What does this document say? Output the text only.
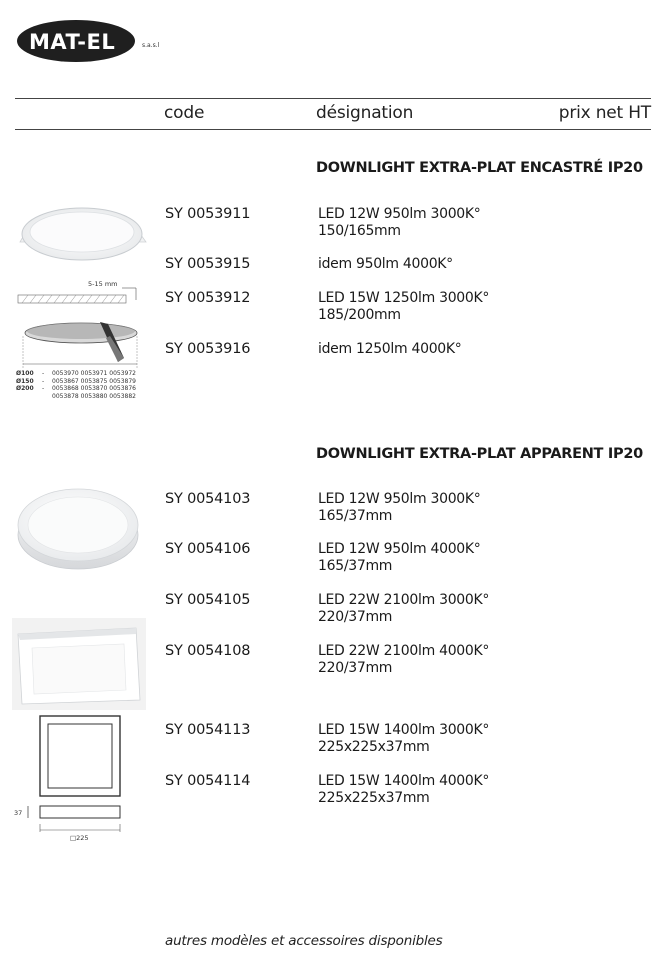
MAT-EL	s.a.s.l
code	désignation	prix net HT
DOWNLIGHT EXTRA-PLAT ENCASTRÉ IP20
SY 0053911	LED 12W 950lm 3000K°
150/165mm
SY 0053915	idem 950lm 4000K°
SY 0053912	LED 15W 1250lm 3000K°
185/200mm
SY 0053916	idem 1250lm 4000K°
5-15 mm
Ø100 - 0053970 0053971 0053972
Ø150 - 0053867 0053875 0053879
Ø200 - 0053868 0053870 0053876
0053878 0053880 0053882
DOWNLIGHT EXTRA-PLAT APPARENT IP20
SY 0054103	LED 12W 950lm 3000K°
165/37mm
SY 0054106	LED 12W 950lm 4000K°
165/37mm
SY 0054105	LED 22W 2100lm 3000K°
220/37mm
SY 0054108	LED 22W 2100lm 4000K°
220/37mm
SY 0054113	LED 15W 1400lm 3000K°
225x225x37mm
SY 0054114	LED 15W 1400lm 4000K°
225x225x37mm
37
□225
autres modèles et accessoires disponibles
